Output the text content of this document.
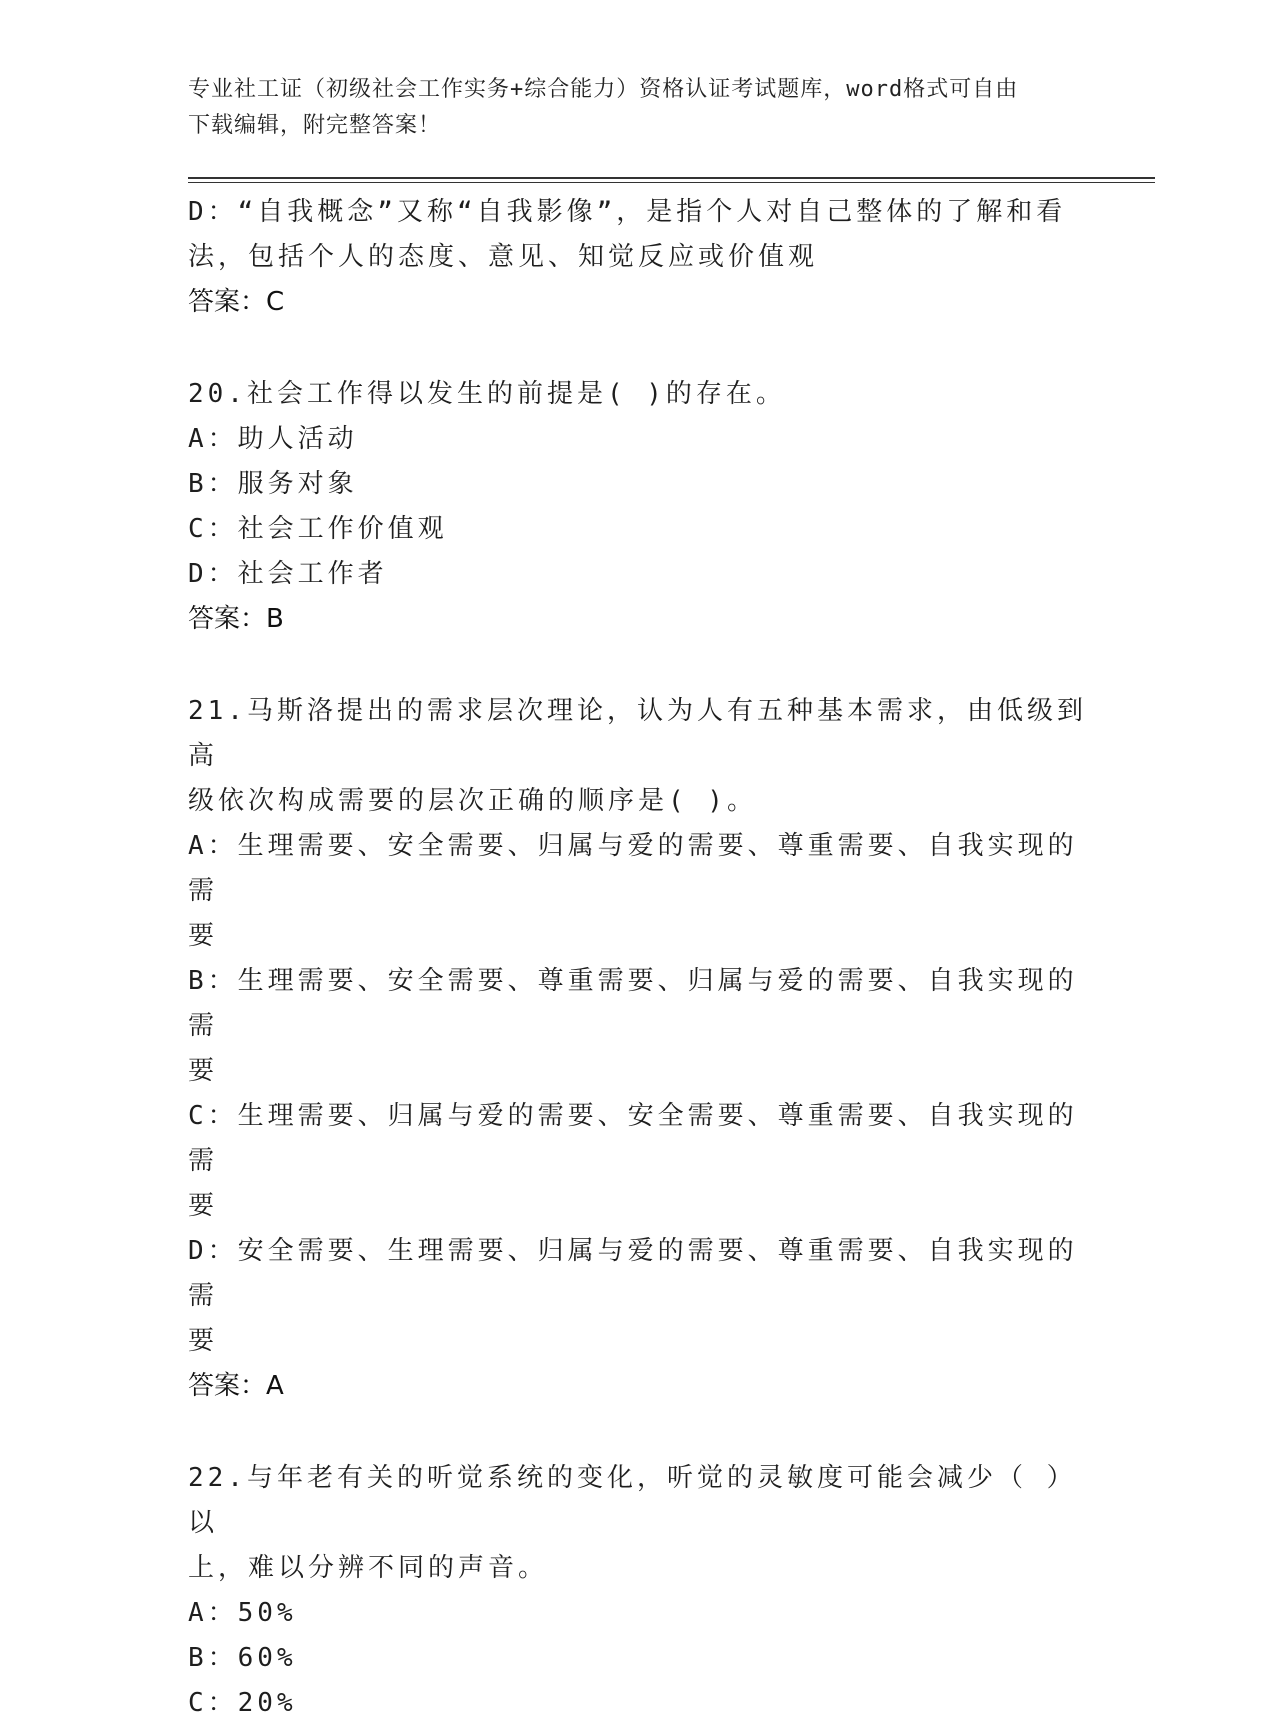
专业社工证（初级社会工作实务+综合能力）资格认证考试题库，word格式可自由
下载编辑，附完整答案！

D：“自我概念”又称“自我影像”，是指个人对自己整体的了解和看

法，包括个人的态度、意见、知觉反应或价值观

答案：C

20.社会工作得以发生的前提是( )的存在。

A：助人活动

B：服务对象

C：社会工作价值观

D：社会工作者

答案：B

21.马斯洛提出的需求层次理论，认为人有五种基本需求，由低级到高

级依次构成需要的层次正确的顺序是( )。

A：生理需要、安全需要、归属与爱的需要、尊重需要、自我实现的需

要

B：生理需要、安全需要、尊重需要、归属与爱的需要、自我实现的需

要

C：生理需要、归属与爱的需要、安全需要、尊重需要、自我实现的需

要

D：安全需要、生理需要、归属与爱的需要、尊重需要、自我实现的需

要

答案：A

22.与年老有关的听觉系统的变化，听觉的灵敏度可能会减少（ ）以

上，难以分辨不同的声音。

A：50%

B：60%

C：20%
